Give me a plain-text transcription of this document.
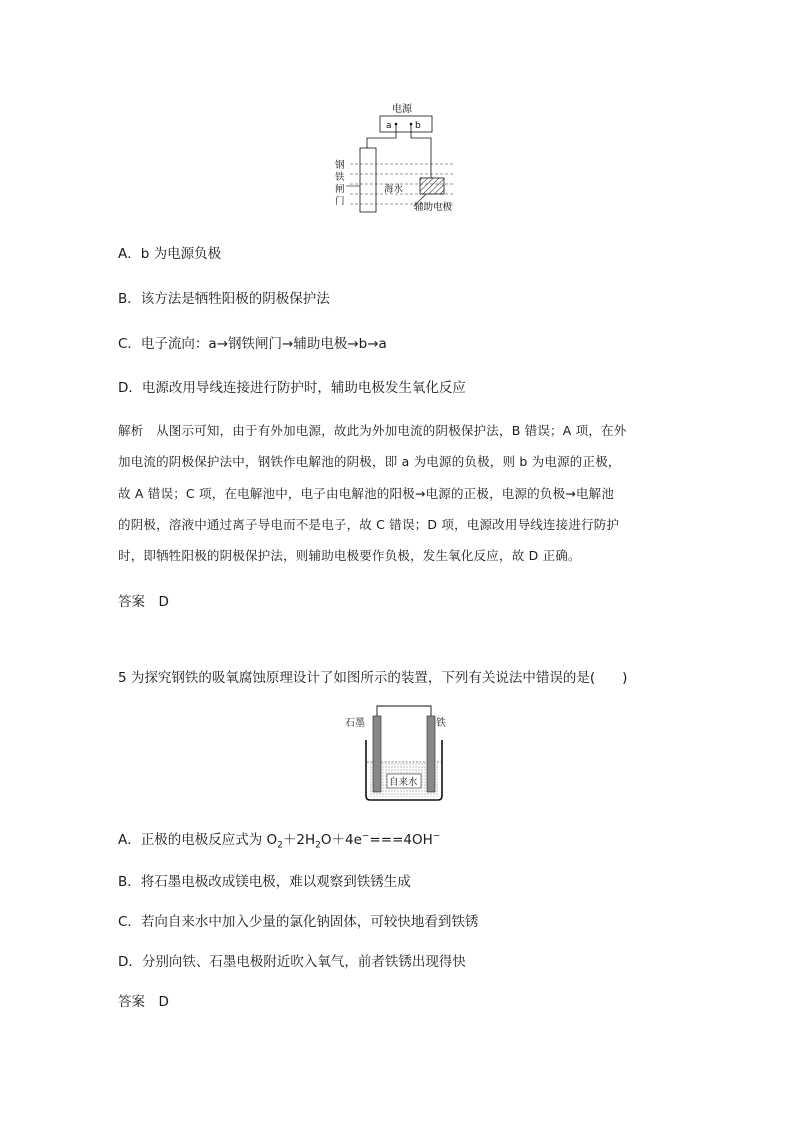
电源
a	b
钢
铁
闸
门
海水
辅助电极
A．b 为电源负极
B．该方法是牺牲阳极的阴极保护法
C．电子流向：a→钢铁闸门→辅助电极→b→a
D．电源改用导线连接进行防护时，辅助电极发生氧化反应
解析　从图示可知，由于有外加电源，故此为外加电流的阴极保护法，B 错误；A 项，在外
加电流的阴极保护法中，钢铁作电解池的阴极，即 a 为电源的负极，则 b 为电源的正极，
故 A 错误；C 项，在电解池中，电子由电解池的阳极→电源的正极，电源的负极→电解池
的阴极，溶液中通过离子导电而不是电子，故 C 错误；D 项，电源改用导线连接进行防护
时，即牺牲阳极的阴极保护法，则辅助电极要作负极，发生氧化反应，故 D 正确。
答案　D
5 为探究钢铁的吸氧腐蚀原理设计了如图所示的装置，下列有关说法中错误的是(　　)
石墨	铁
自来水
A．正极的电极反应式为 $O_2+2H_2O+4e^-===4OH^-$
B．将石墨电极改成镁电极，难以观察到铁锈生成
C．若向自来水中加入少量的氯化钠固体，可较快地看到铁锈
D．分别向铁、石墨电极附近吹入氧气，前者铁锈出现得快
答案　D
